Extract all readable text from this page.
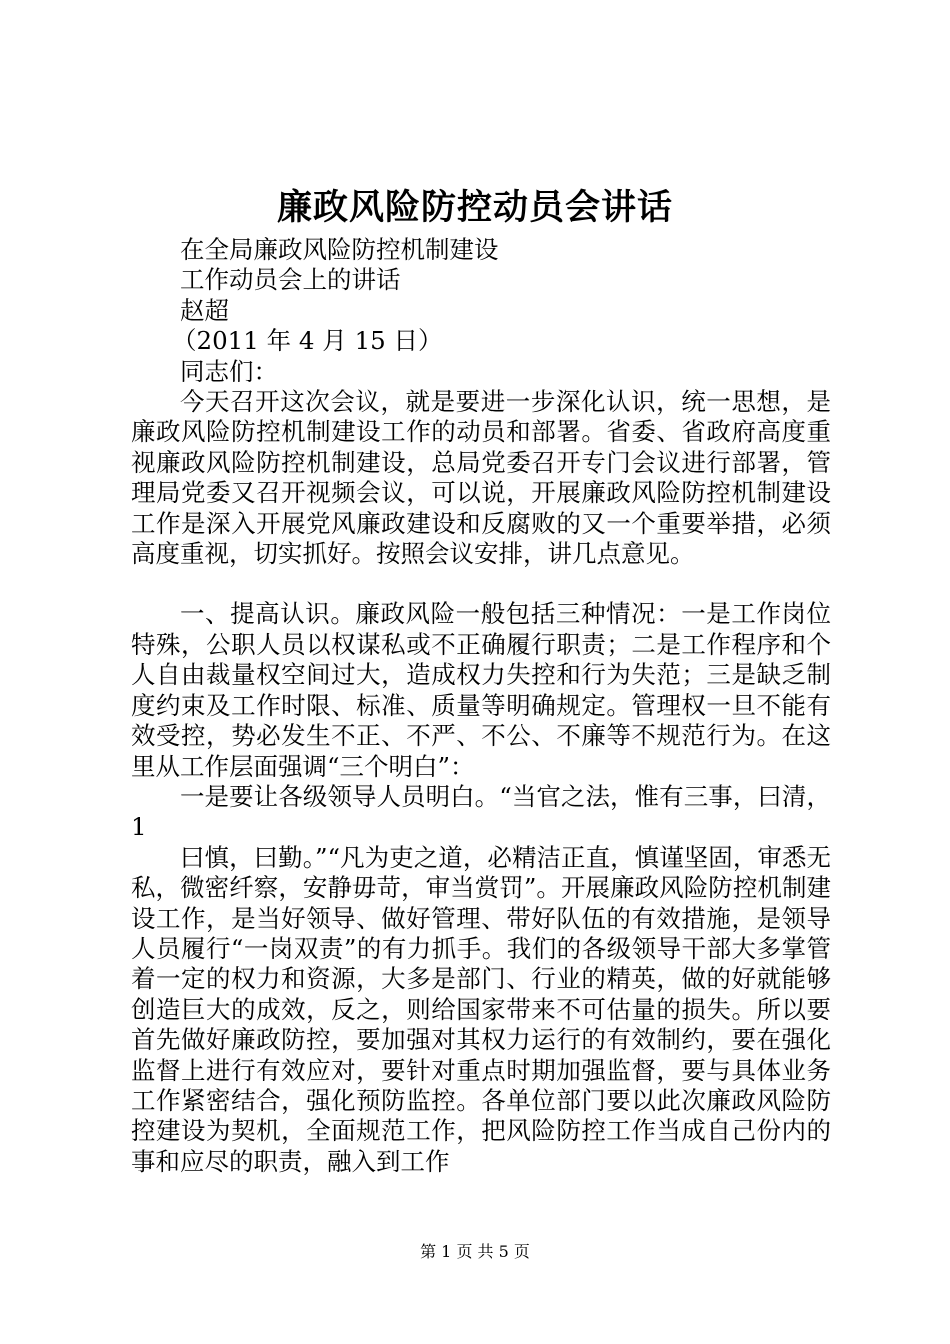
廉政风险防控动员会讲话
在全局廉政风险防控机制建设
工作动员会上的讲话
赵超
（2011 年 4 月 15 日）
同志们：

今天召开这次会议，就是要进一步深化认识，统一思想，是廉政风险防控机制建设工作的动员和部署。省委、省政府高度重视廉政风险防控机制建设，总局党委召开专门会议进行部署，管理局党委又召开视频会议，可以说，开展廉政风险防控机制建设工作是深入开展党风廉政建设和反腐败的又一个重要举措，必须高度重视，切实抓好。按照会议安排，讲几点意见。

一、提高认识。廉政风险一般包括三种情况：一是工作岗位特殊，公职人员以权谋私或不正确履行职责；二是工作程序和个人自由裁量权空间过大，造成权力失控和行为失范；三是缺乏制度约束及工作时限、标准、质量等明确规定。管理权一旦不能有效受控，势必发生不正、不严、不公、不廉等不规范行为。在这里从工作层面强调“三个明白”：

一是要让各级领导人员明白。“当官之法，惟有三事，曰清，1

曰慎，曰勤。”“凡为吏之道，必精洁正直，慎谨坚固，审悉无私，微密纤察，安静毋苛，审当赏罚”。开展廉政风险防控机制建设工作，是当好领导、做好管理、带好队伍的有效措施，是领导人员履行“一岗双责”的有力抓手。我们的各级领导干部大多掌管着一定的权力和资源，大多是部门、行业的精英，做的好就能够创造巨大的成效，反之，则给国家带来不可估量的损失。所以要首先做好廉政防控，要加强对其权力运行的有效制约，要在强化监督上进行有效应对，要针对重点时期加强监督，要与具体业务工作紧密结合，强化预防监控。各单位部门要以此次廉政风险防控建设为契机，全面规范工作，把风险防控工作当成自己份内的事和应尽的职责，融入到工作

第 1 页 共 5 页
